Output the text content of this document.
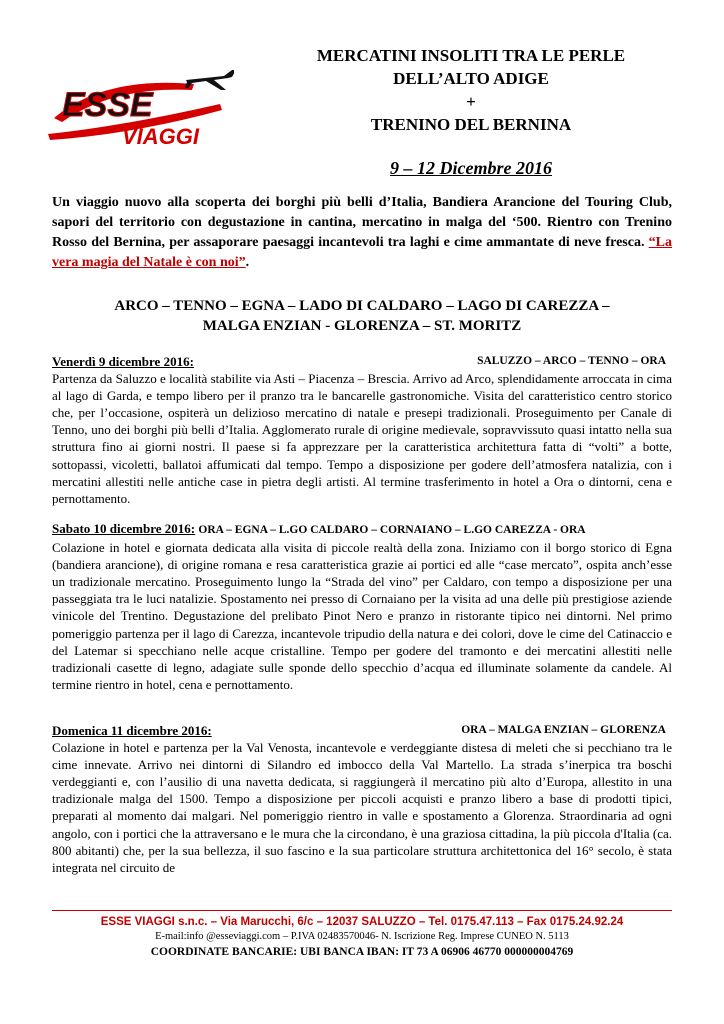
ESSE
VIAGGI
MERCATINI INSOLITI TRA LE PERLE
DELL’ALTO ADIGE
+
TRENINO DEL BERNINA
9 – 12 Dicembre 2016
Un viaggio nuovo alla scoperta dei borghi più belli d’Italia, Bandiera Arancione del Touring Club, sapori del territorio con degustazione in cantina, mercatino in malga del ‘500. Rientro con Trenino Rosso del Bernina, per assaporare paesaggi incantevoli tra laghi e cime ammantate di neve fresca. “La vera magia del Natale è con noi”.
ARCO – TENNO – EGNA – LADO DI CALDARO – LAGO DI CAREZZA –
MALGA ENZIAN - GLORENZA – ST. MORITZ
Venerdì 9 dicembre 2016:	SALUZZO – ARCO – TENNO – ORA
Partenza da Saluzzo e località stabilite via Asti – Piacenza – Brescia. Arrivo ad Arco, splendidamente arroccata in cima al lago di Garda, e tempo libero per il pranzo tra le bancarelle gastronomiche. Visita del caratteristico centro storico che, per l’occasione, ospiterà un delizioso mercatino di natale e presepi tradizionali. Proseguimento per Canale di Tenno, uno dei borghi più belli d’Italia. Agglomerato rurale di origine medievale, sopravvissuto quasi intatto nella sua struttura fino ai giorni nostri. Il paese si fa apprezzare per la caratteristica architettura fatta di “volti” a botte, sottopassi, vicoletti, ballatoi affumicati dal tempo. Tempo a disposizione per godere dell’atmosfera natalizia, con i mercatini allestiti nelle antiche case in pietra degli artisti. Al termine trasferimento in hotel a Ora o dintorni, cena e pernottamento.
Sabato 10 dicembre 2016: ORA – EGNA – L.GO CALDARO – CORNAIANO – L.GO CAREZZA - ORA
Colazione in hotel e giornata dedicata alla visita di piccole realtà della zona. Iniziamo con il borgo storico di Egna (bandiera arancione), di origine romana e resa caratteristica grazie ai portici ed alle “case mercato”, ospita anch’esse un tradizionale mercatino. Proseguimento lungo la “Strada del vino” per Caldaro, con tempo a disposizione per una passeggiata tra le luci natalizie. Spostamento nei presso di Cornaiano per la visita ad una delle più prestigiose aziende vinicole del Trentino. Degustazione del prelibato Pinot Nero e pranzo in ristorante tipico nei dintorni. Nel primo pomeriggio partenza per il lago di Carezza, incantevole tripudio della natura e dei colori, dove le cime del Catinaccio e del Latemar si specchiano nelle acque cristalline. Tempo per godere del tramonto e dei mercatini allestiti nelle tradizionali casette di legno, adagiate sulle sponde dello specchio d’acqua ed illuminate solamente da candele. Al termine rientro in hotel, cena e pernottamento.
Domenica 11 dicembre 2016:	ORA – MALGA ENZIAN – GLORENZA
Colazione in hotel e partenza per la Val Venosta, incantevole e verdeggiante distesa di meleti che si pecchiano tra le cime innevate. Arrivo nei dintorni di Silandro ed imbocco della Val Martello. La strada s’inerpica tra boschi verdeggianti e, con l’ausilio di una navetta dedicata, si raggiungerà il mercatino più alto d’Europa, allestito in una tradizionale malga del 1500. Tempo a disposizione per piccoli acquisti e pranzo libero a base di prodotti tipici, preparati al momento dai malgari. Nel pomeriggio rientro in valle e spostamento a Glorenza. Straordinaria ad ogni angolo, con i portici che la attraversano e le mura che la circondano, è una graziosa cittadina, la più piccola d'Italia (ca. 800 abitanti) che, per la sua bellezza, il suo fascino e la sua particolare struttura architettonica del 16° secolo, è stata integrata nel circuito de
ESSE VIAGGI s.n.c. – Via Marucchi, 6/c – 12037 SALUZZO – Tel. 0175.47.113 – Fax 0175.24.92.24
E-mail:info @esseviaggi.com – P.IVA 02483570046- N. Iscrizione Reg. Imprese CUNEO N. 5113
COORDINATE BANCARIE: UBI BANCA IBAN: IT 73 A 06906 46770 000000004769
